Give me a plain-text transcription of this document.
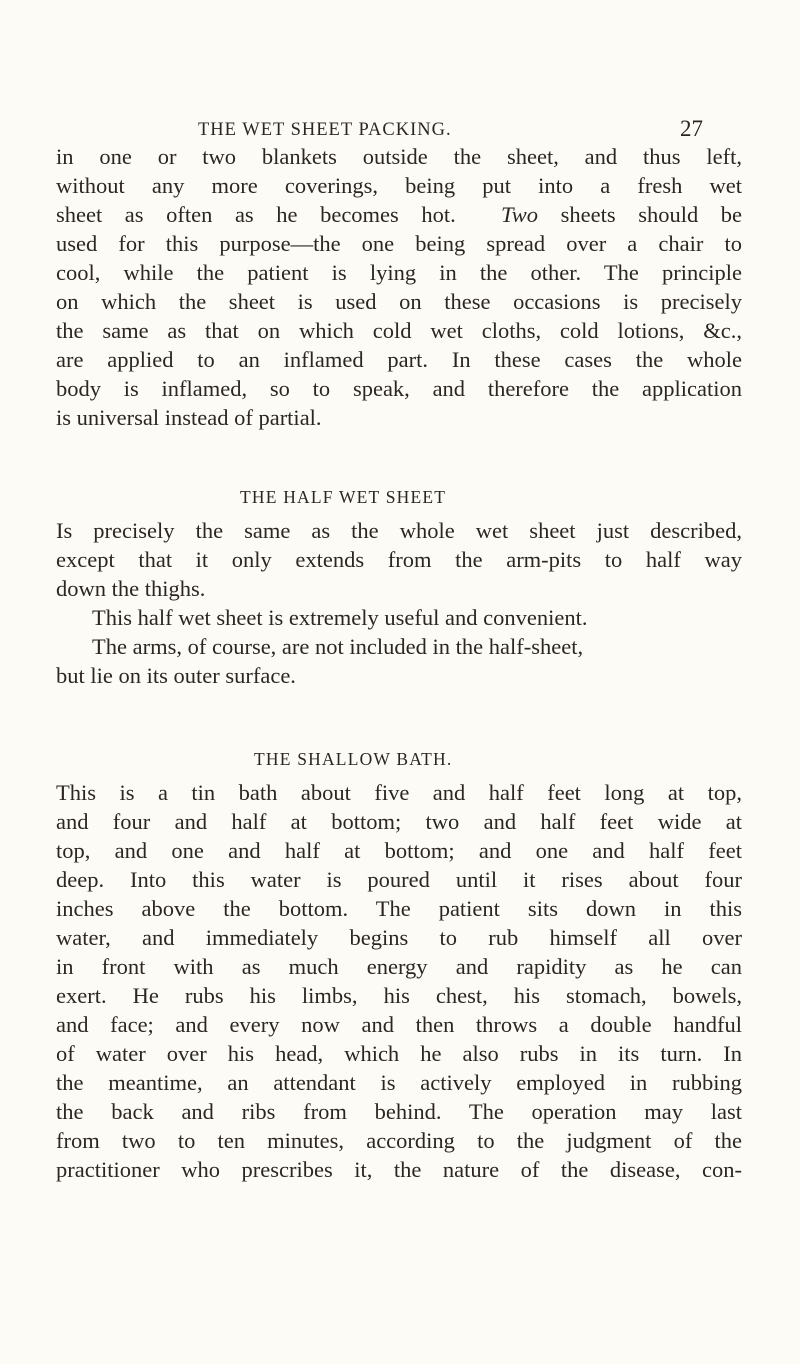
THE WET SHEET PACKING.	27
in one or two blankets outside the sheet, and thus left,
without any more coverings, being put into a fresh wet
sheet as often as he becomes hot. Two sheets should be
used for this purpose—the one being spread over a chair to
cool, while the patient is lying in the other. The principle
on which the sheet is used on these occasions is precisely
the same as that on which cold wet cloths, cold lotions, &c.,
are applied to an inflamed part. In these cases the whole
body is inflamed, so to speak, and therefore the application
is universal instead of partial.
THE HALF WET SHEET
Is precisely the same as the whole wet sheet just described,
except that it only extends from the arm-pits to half way
down the thighs.
This half wet sheet is extremely useful and convenient.
The arms, of course, are not included in the half-sheet,
but lie on its outer surface.
THE SHALLOW BATH.
This is a tin bath about five and half feet long at top,
and four and half at bottom; two and half feet wide at
top, and one and half at bottom; and one and half feet
deep. Into this water is poured until it rises about four
inches above the bottom. The patient sits down in this
water, and immediately begins to rub himself all over
in front with as much energy and rapidity as he can
exert. He rubs his limbs, his chest, his stomach, bowels,
and face; and every now and then throws a double handful
of water over his head, which he also rubs in its turn. In
the meantime, an attendant is actively employed in rubbing
the back and ribs from behind. The operation may last
from two to ten minutes, according to the judgment of the
practitioner who prescribes it, the nature of the disease, con-
